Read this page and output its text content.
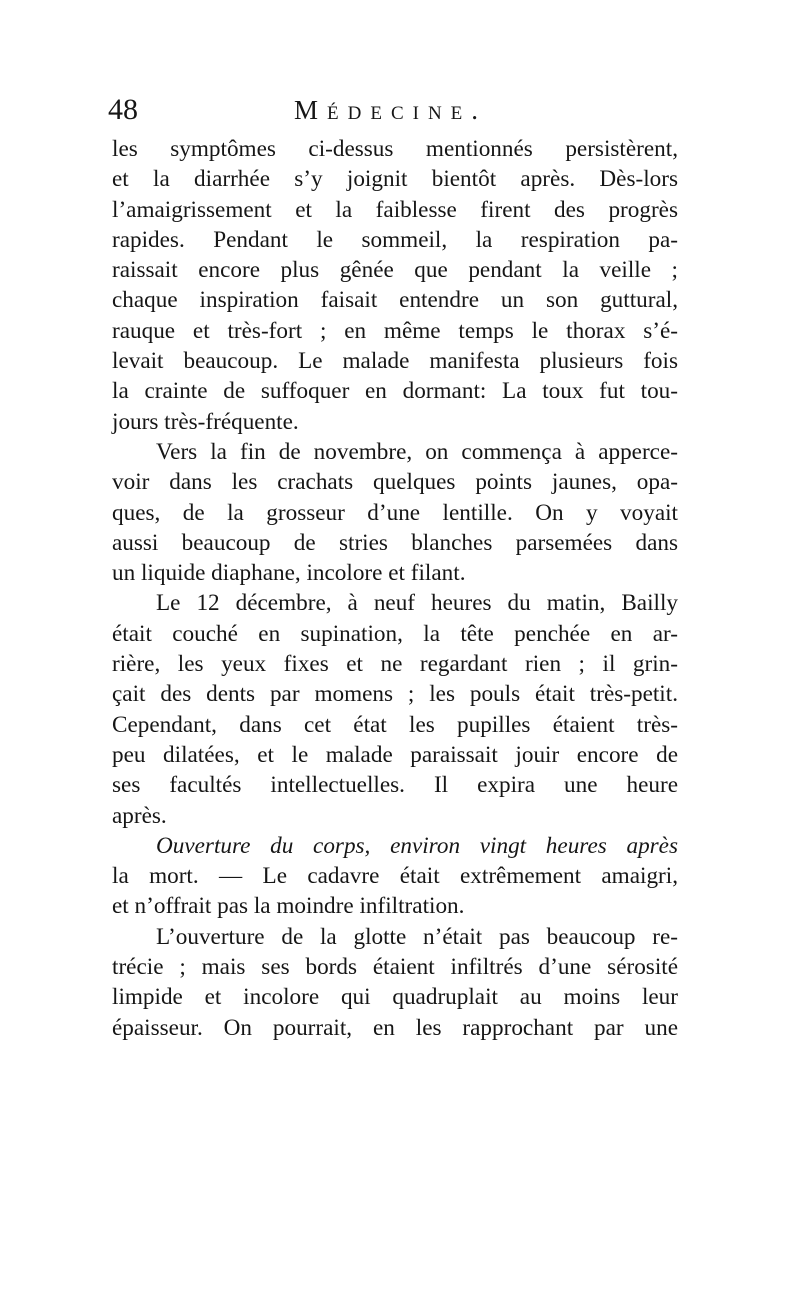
48	Médecine.
les symptômes ci-dessus mentionnés persistèrent,
et la diarrhée s’y joignit bientôt après. Dès-lors
l’amaigrissement et la faiblesse firent des progrès
rapides. Pendant le sommeil, la respiration pa-
raissait encore plus gênée que pendant la veille ;
chaque inspiration faisait entendre un son guttural,
rauque et très-fort ; en même temps le thorax s’é-
levait beaucoup. Le malade manifesta plusieurs fois
la crainte de suffoquer en dormant: La toux fut tou-
jours très-fréquente.
Vers la fin de novembre, on commença à apperce-
voir dans les crachats quelques points jaunes, opa-
ques, de la grosseur d’une lentille. On y voyait
aussi beaucoup de stries blanches parsemées dans
un liquide diaphane, incolore et filant.
Le 12 décembre, à neuf heures du matin, Bailly
était couché en supination, la tête penchée en ar-
rière, les yeux fixes et ne regardant rien ; il grin-
çait des dents par momens ; les pouls était très-petit.
Cependant, dans cet état les pupilles étaient très-
peu dilatées, et le malade paraissait jouir encore de
ses facultés intellectuelles. Il expira une heure
après.
Ouverture du corps, environ vingt heures après
la mort. — Le cadavre était extrêmement amaigri,
et n’offrait pas la moindre infiltration.
L’ouverture de la glotte n’était pas beaucoup re-
trécie ; mais ses bords étaient infiltrés d’une sérosité
limpide et incolore qui quadruplait au moins leur
épaisseur. On pourrait, en les rapprochant par une
